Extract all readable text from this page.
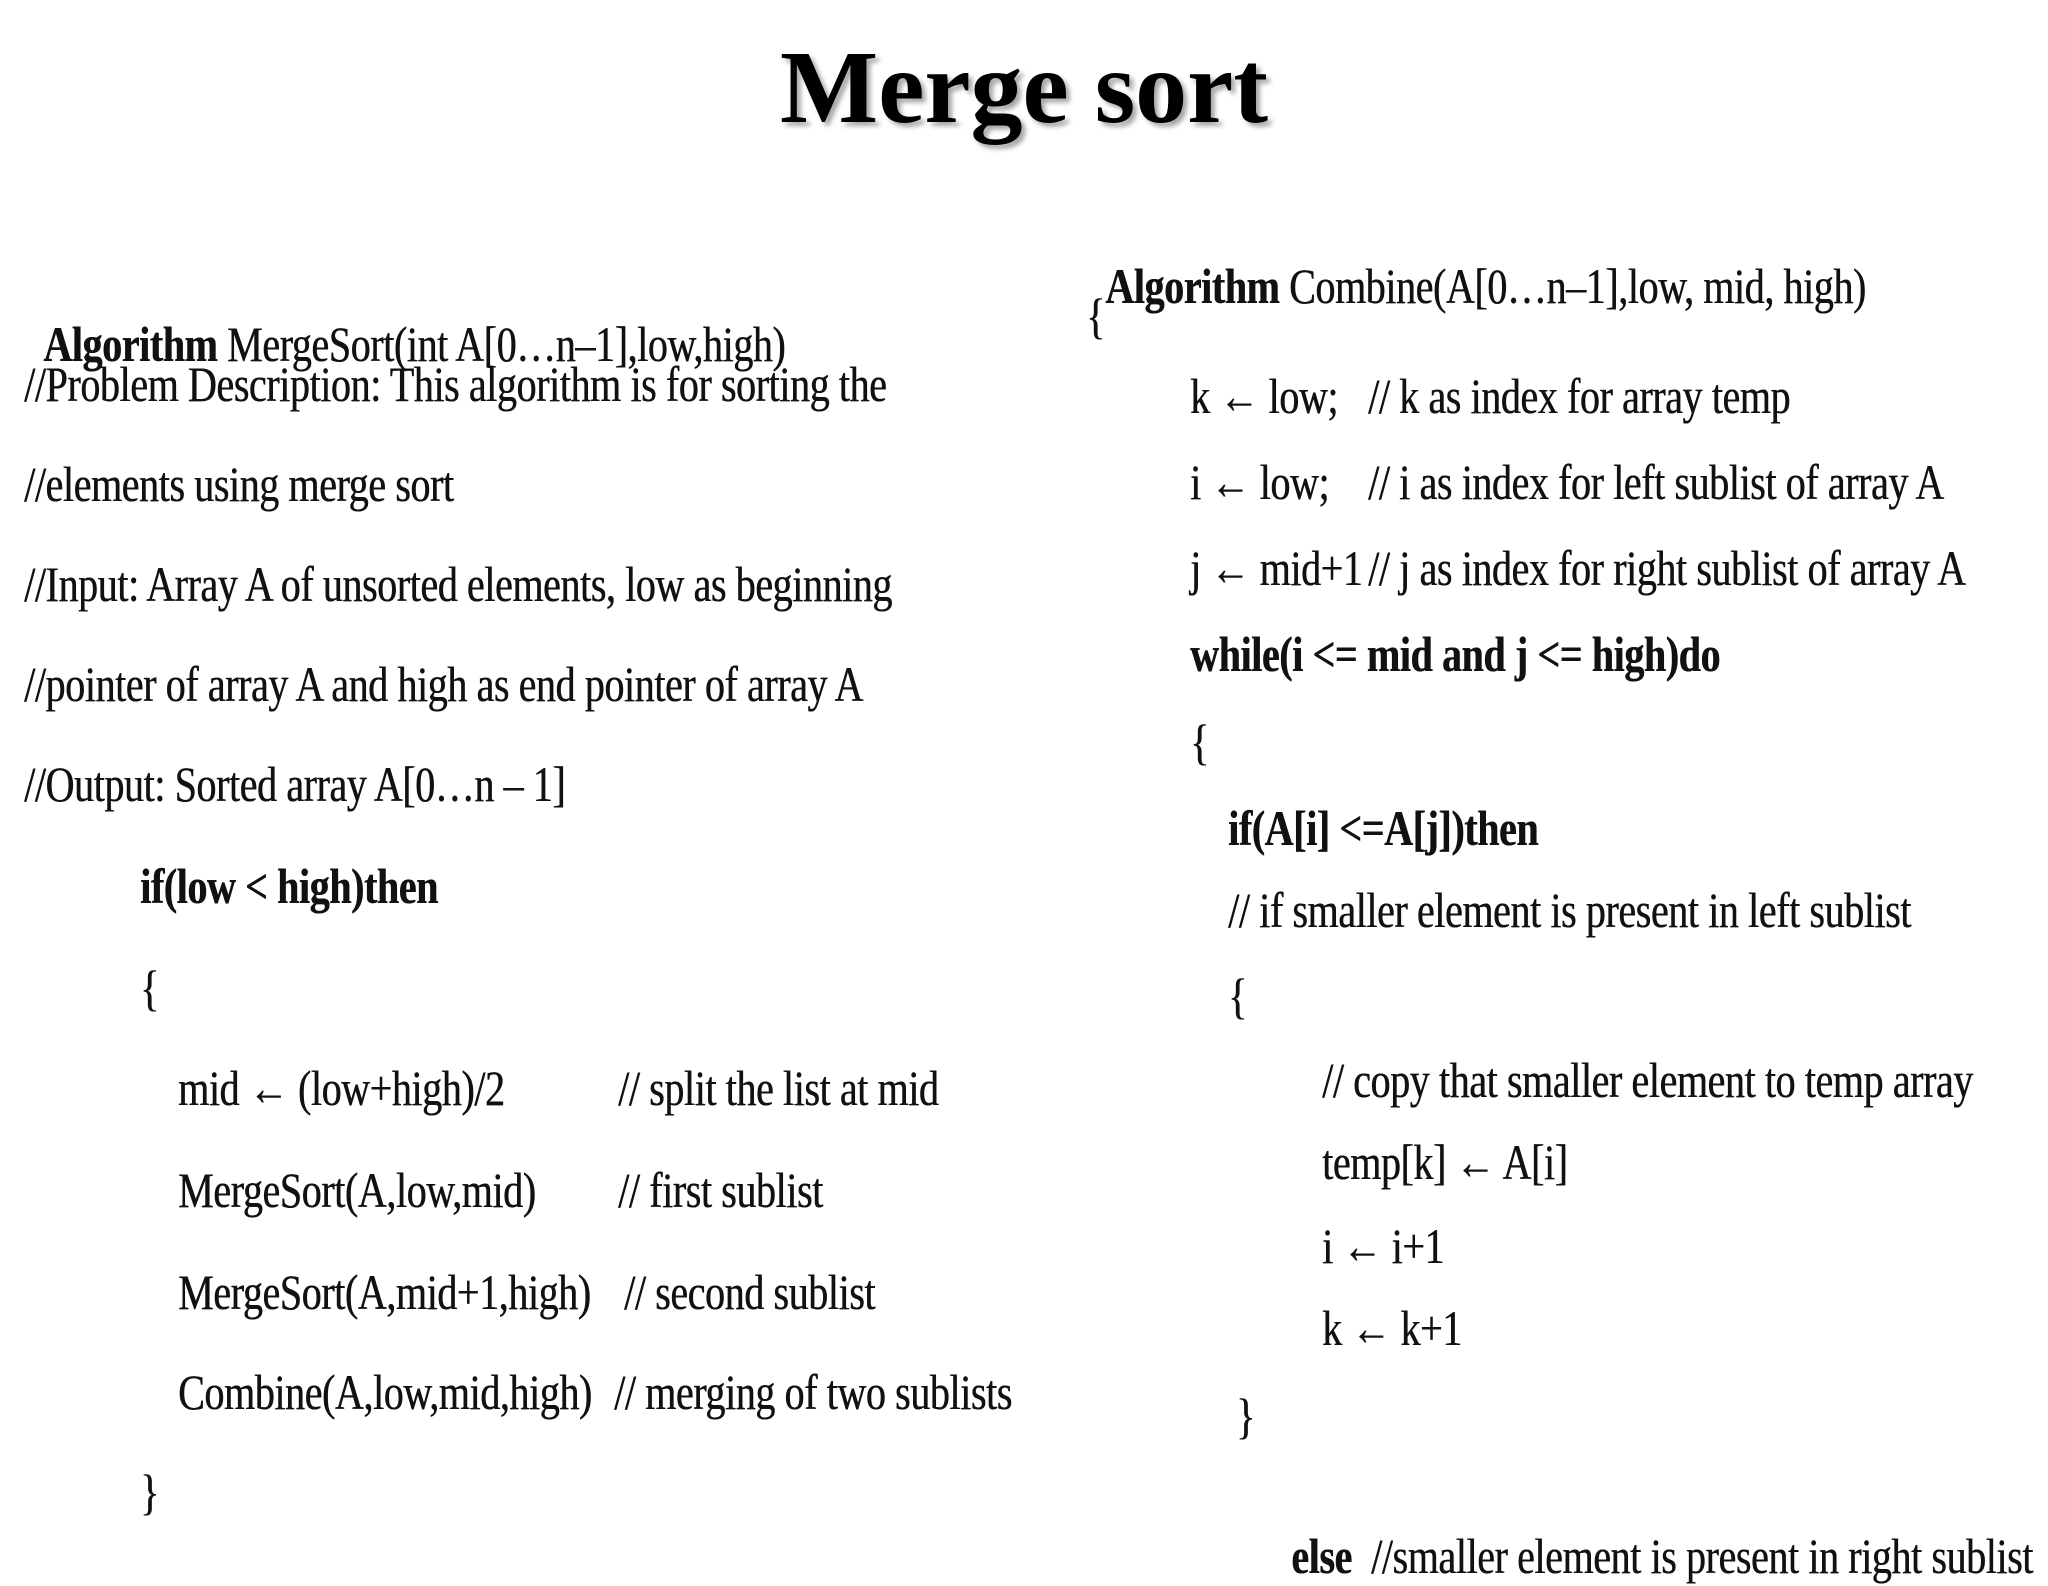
Merge sort

Algorithm MergeSort(int A[0…n–1],low,high)

//Problem Description: This algorithm is for sorting the
//elements using merge sort
//Input: Array A of unsorted elements, low as beginning
//pointer of array A and high as end pointer of array A
//Output: Sorted array A[0…n – 1]
if(low < high)then
{
mid ← (low+high)/2 // split the list at mid
MergeSort(A,low,mid) // first sublist
MergeSort(A,mid+1,high) // second sublist
Combine(A,low,mid,high) // merging of two sublists
}

Algorithm Combine(A[0…n–1],low, mid, high)

{
k ← low; // k as index for array temp
i ← low; // i as index for left sublist of array A
j ← mid+1 // j as index for right sublist of array A
while(i <= mid and j <= high)do
{
if(A[i] <=A[j])then
// if smaller element is present in left sublist
{
// copy that smaller element to temp array
temp[k] ← A[i]
i ← i+1
k ← k+1
}

else //smaller element is present in right sublist
